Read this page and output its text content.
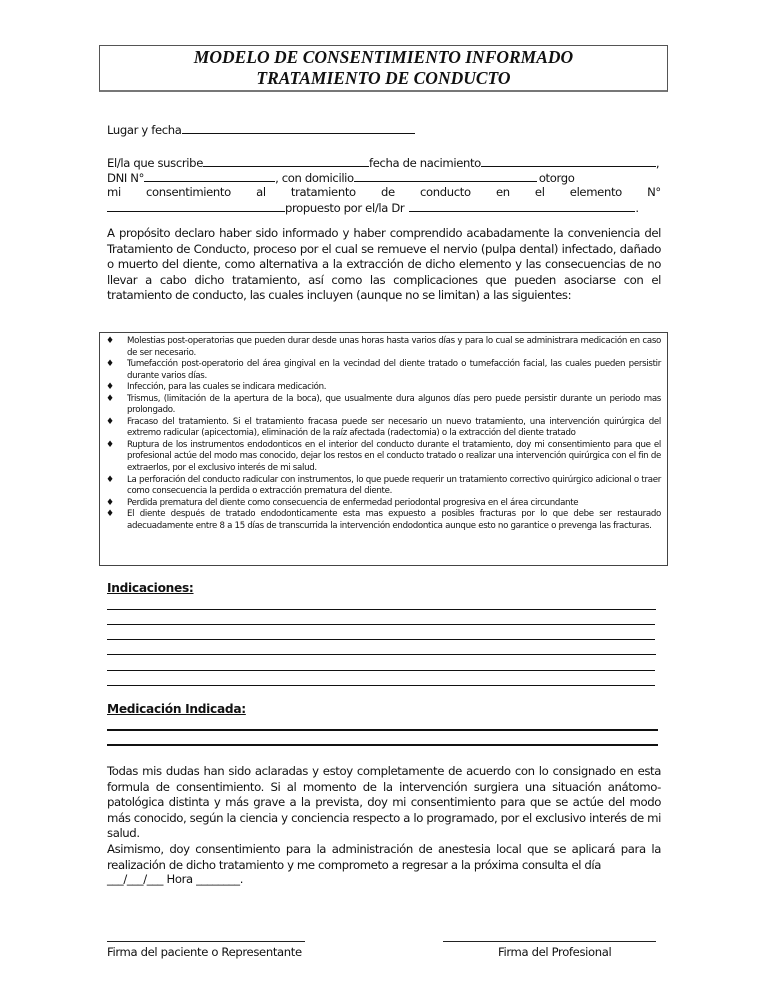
MODELO DE CONSENTIMIENTO INFORMADO
TRATAMIENTO DE CONDUCTO
Lugar y fecha
El/la que suscribe	fecha de nacimiento	,
DNI N°	, con domicilio	otorgo
mi consentimiento al tratamiento de conducto en el elemento N°
propuesto por el/la Dr	.
A propósito declaro haber sido informado y haber comprendido acabadamente la conveniencia del Tratamiento de Conducto, proceso por el cual se remueve el nervio (pulpa dental) infectado, dañado o muerto del diente, como alternativa a la extracción de dicho elemento y las consecuencias de no llevar a cabo dicho tratamiento, así como las complicaciones que pueden asociarse con el tratamiento de conducto, las cuales incluyen (aunque no se limitan) a las siguientes:
♦ Molestias post-operatorias que pueden durar desde unas horas hasta varios días y para lo cual se administrara medicación en caso de ser necesario.
♦ Tumefacción post-operatorio del área gingival en la vecindad del diente tratado o tumefacción facial, las cuales pueden persistir durante varios días.
♦ Infección, para las cuales se indicara medicación.
♦ Trismus, (limitación de la apertura de la boca), que usualmente dura algunos días pero puede persistir durante un periodo mas prolongado.
♦ Fracaso del tratamiento. Si el tratamiento fracasa puede ser necesario un nuevo tratamiento, una intervención quirúrgica del extremo radicular (apicectomia), eliminación de la raíz afectada (radectomia) o la extracción del diente tratado
♦ Ruptura de los instrumentos endodonticos en el interior del conducto durante el tratamiento, doy mi consentimiento para que el profesional actúe del modo mas conocido, dejar los restos en el conducto tratado o realizar una intervención quirúrgica con el fin de extraerlos, por el exclusivo interés de mi salud.
♦ La perforación del conducto radicular con instrumentos, lo que puede requerir un tratamiento correctivo quirúrgico adicional o traer como consecuencia la perdida o extracción prematura del diente.
♦ Perdida prematura del diente como consecuencia de enfermedad periodontal progresiva en el área circundante
♦ El diente después de tratado endodonticamente esta mas expuesto a posibles fracturas por lo que debe ser restaurado adecuadamente entre 8 a 15 días de transcurrida la intervención endodontica aunque esto no garantice o prevenga las fracturas.
Indicaciones:
Medicación Indicada:
Todas mis dudas han sido aclaradas y estoy completamente de acuerdo con lo consignado en esta formula de consentimiento. Si al momento de la intervención surgiera una situación anátomo-patológica distinta y más grave a la prevista, doy mi consentimiento para que se actúe del modo más conocido, según la ciencia y conciencia respecto a lo programado, por el exclusivo interés de mi salud.
Asimismo, doy consentimiento para la administración de anestesia local que se aplicará para la realización de dicho tratamiento y me comprometo a regresar a la próxima consulta el día
___/___/___ Hora ________.
Firma del paciente o Representante	Firma del Profesional
